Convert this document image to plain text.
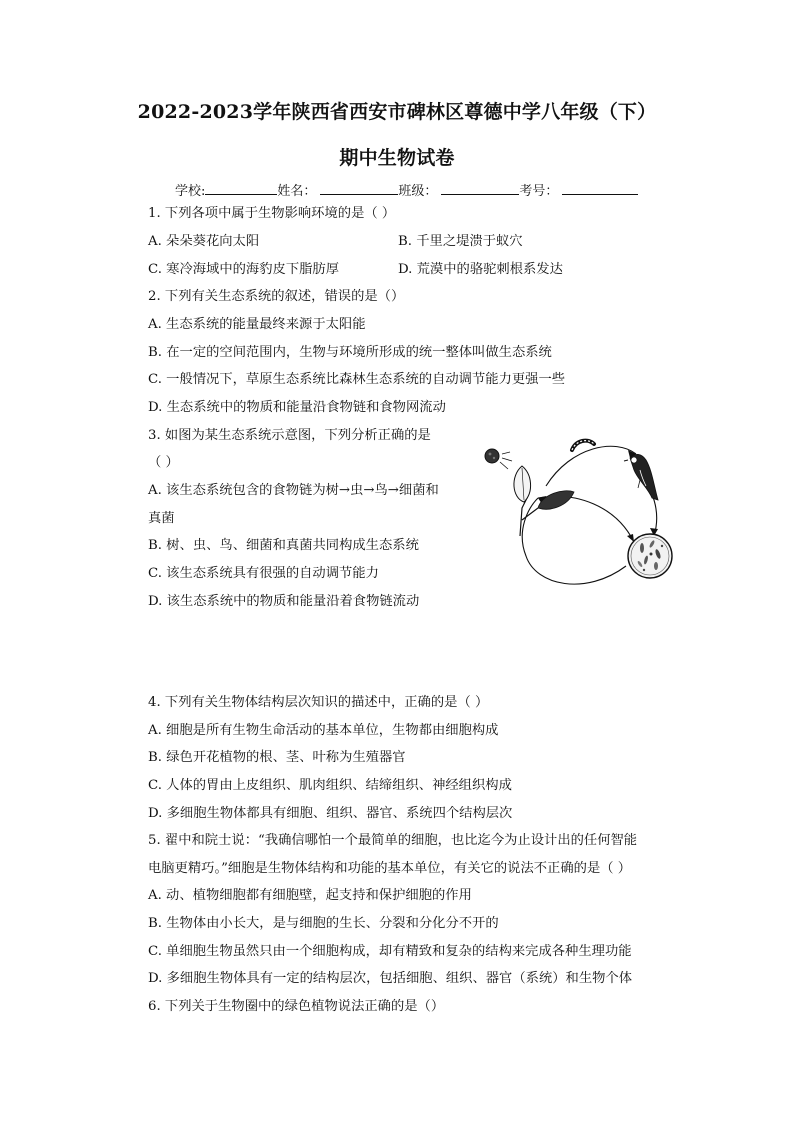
2022-2023学年陕西省西安市碑林区尊德中学八年级（下）
期中生物试卷
学校:	姓名：	班级：	考号：
1. 下列各项中属于生物影响环境的是（ ）
A. 朵朵葵花向太阳	B. 千里之堤溃于蚁穴
C. 寒冷海域中的海豹皮下脂肪厚	D. 荒漠中的骆驼刺根系发达
2. 下列有关生态系统的叙述，错误的是（）
A. 生态系统的能量最终来源于太阳能
B. 在一定的空间范围内，生物与环境所形成的统一整体叫做生态系统
C. 一般情况下，草原生态系统比森林生态系统的自动调节能力更强一些
D. 生态系统中的物质和能量沿食物链和食物网流动
3. 如图为某生态系统示意图，下列分析正确的是
（ ）
A. 该生态系统包含的食物链为树→虫→鸟→细菌和
真菌
B. 树、虫、鸟、细菌和真菌共同构成生态系统
C. 该生态系统具有很强的自动调节能力
D. 该生态系统中的物质和能量沿着食物链流动
4. 下列有关生物体结构层次知识的描述中，正确的是（ ）
A. 细胞是所有生物生命活动的基本单位，生物都由细胞构成
B. 绿色开花植物的根、茎、叶称为生殖器官
C. 人体的胃由上皮组织、肌肉组织、结缔组织、神经组织构成
D. 多细胞生物体都具有细胞、组织、器官、系统四个结构层次
5. 翟中和院士说：“我确信哪怕一个最简单的细胞，也比迄今为止设计出的任何智能
电脑更精巧。”细胞是生物体结构和功能的基本单位，有关它的说法不正确的是（ ）
A. 动、植物细胞都有细胞壁，起支持和保护细胞的作用
B. 生物体由小长大，是与细胞的生长、分裂和分化分不开的
C. 单细胞生物虽然只由一个细胞构成，却有精致和复杂的结构来完成各种生理功能
D. 多细胞生物体具有一定的结构层次，包括细胞、组织、器官（系统）和生物个体
6. 下列关于生物圈中的绿色植物说法正确的是（）
